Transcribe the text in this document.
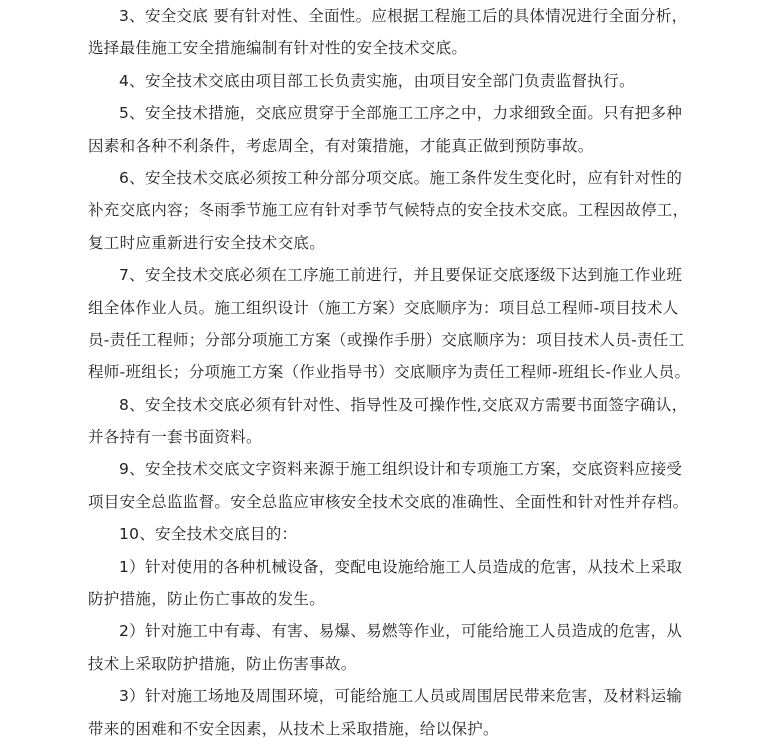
3、安全交底 要有针对性、全面性。应根据工程施工后的具体情况进行全面分析，
选择最佳施工安全措施编制有针对性的安全技术交底。
4、安全技术交底由项目部工长负责实施，由项目安全部门负责监督执行。
5、安全技术措施，交底应贯穿于全部施工工序之中，力求细致全面。只有把多种
因素和各种不利条件，考虑周全，有对策措施，才能真正做到预防事故。
6、安全技术交底必须按工种分部分项交底。施工条件发生变化时，应有针对性的
补充交底内容；冬雨季节施工应有针对季节气候特点的安全技术交底。工程因故停工，
复工时应重新进行安全技术交底。
7、安全技术交底必须在工序施工前进行，并且要保证交底逐级下达到施工作业班
组全体作业人员。施工组织设计（施工方案）交底顺序为：项目总工程师-项目技术人
员-责任工程师；分部分项施工方案（或操作手册）交底顺序为：项目技术人员-责任工
程师-班组长；分项施工方案（作业指导书）交底顺序为责任工程师-班组长-作业人员。
8、安全技术交底必须有针对性、指导性及可操作性,交底双方需要书面签字确认，
并各持有一套书面资料。
9、安全技术交底文字资料来源于施工组织设计和专项施工方案，交底资料应接受
项目安全总监监督。安全总监应审核安全技术交底的准确性、全面性和针对性并存档。
10、安全技术交底目的：
1）针对使用的各种机械设备，变配电设施给施工人员造成的危害，从技术上采取
防护措施，防止伤亡事故的发生。
2）针对施工中有毒、有害、易爆、易燃等作业，可能给施工人员造成的危害，从
技术上采取防护措施，防止伤害事故。
3）针对施工场地及周围环境，可能给施工人员或周围居民带来危害，及材料运输
带来的困难和不安全因素，从技术上采取措施，给以保护。
